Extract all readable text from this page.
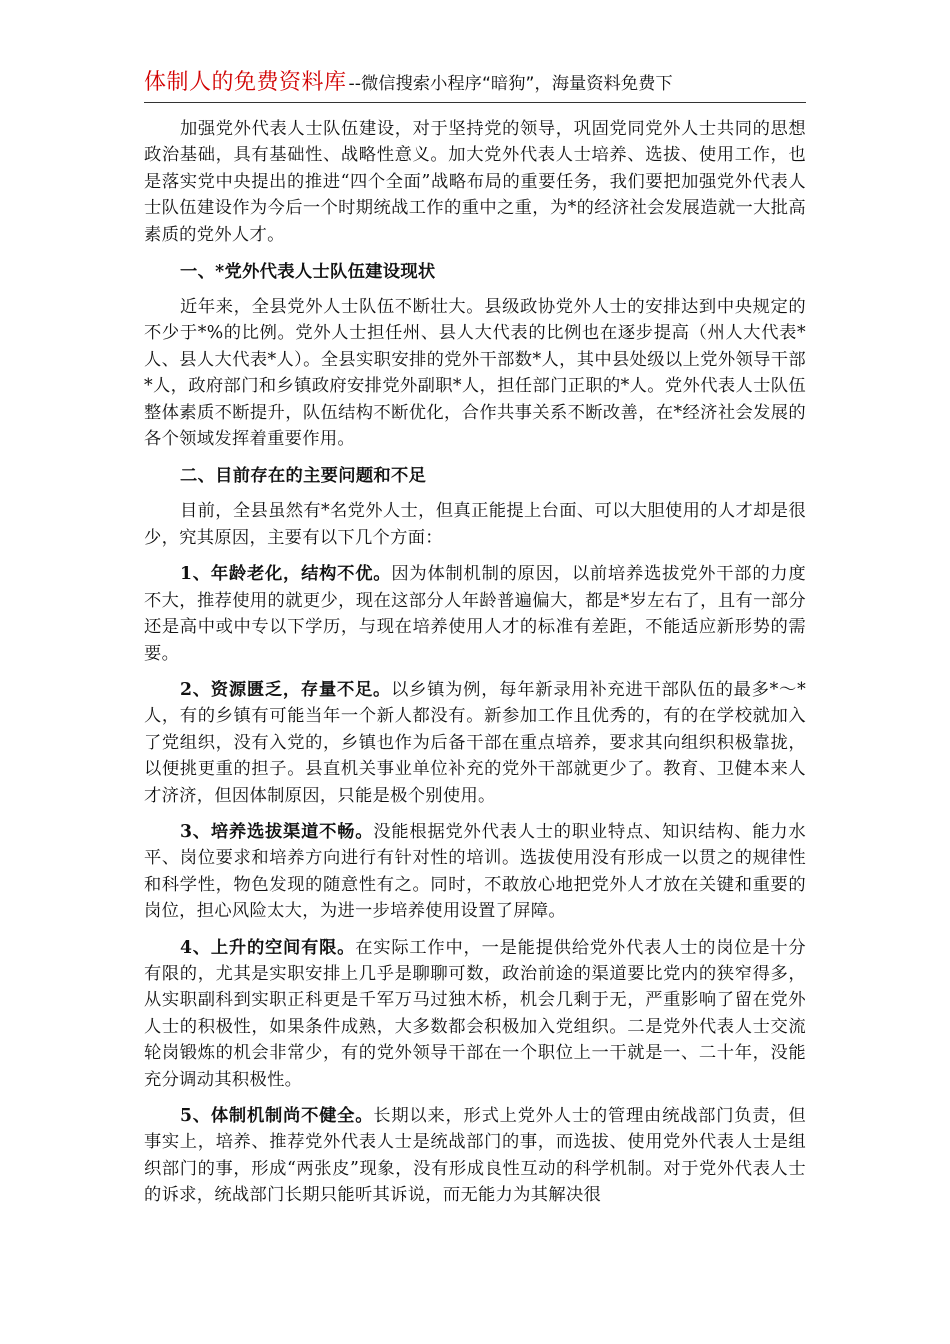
体制人的免费资料库 --微信搜索小程序“暗狗”，海量资料免费下

加强党外代表人士队伍建设，对于坚持党的领导，巩固党同党外人士共同的思想政治基础，具有基础性、战略性意义。加大党外代表人士培养、选拔、使用工作，也是落实党中央提出的推进“四个全面”战略布局的重要任务，我们要把加强党外代表人士队伍建设作为今后一个时期统战工作的重中之重，为*的经济社会发展造就一大批高素质的党外人才。

一、*党外代表人士队伍建设现状

近年来，全县党外人士队伍不断壮大。县级政协党外人士的安排达到中央规定的不少于*%的比例。党外人士担任州、县人大代表的比例也在逐步提高（州人大代表*人、县人大代表*人）。全县实职安排的党外干部数*人，其中县处级以上党外领导干部*人，政府部门和乡镇政府安排党外副职*人，担任部门正职的*人。党外代表人士队伍整体素质不断提升，队伍结构不断优化，合作共事关系不断改善，在*经济社会发展的各个领域发挥着重要作用。

二、目前存在的主要问题和不足

目前，全县虽然有*名党外人士，但真正能提上台面、可以大胆使用的人才却是很少，究其原因，主要有以下几个方面：

1、年龄老化，结构不优。因为体制机制的原因，以前培养选拔党外干部的力度不大，推荐使用的就更少，现在这部分人年龄普遍偏大，都是*岁左右了，且有一部分还是高中或中专以下学历，与现在培养使用人才的标准有差距，不能适应新形势的需要。

2、资源匮乏，存量不足。以乡镇为例，每年新录用补充进干部队伍的最多*～*人，有的乡镇有可能当年一个新人都没有。新参加工作且优秀的，有的在学校就加入了党组织，没有入党的，乡镇也作为后备干部在重点培养，要求其向组织积极靠拢，以便挑更重的担子。县直机关事业单位补充的党外干部就更少了。教育、卫健本来人才济济，但因体制原因，只能是极个别使用。

3、培养选拔渠道不畅。没能根据党外代表人士的职业特点、知识结构、能力水平、岗位要求和培养方向进行有针对性的培训。选拔使用没有形成一以贯之的规律性和科学性，物色发现的随意性有之。同时，不敢放心地把党外人才放在关键和重要的岗位，担心风险太大，为进一步培养使用设置了屏障。

4、上升的空间有限。在实际工作中，一是能提供给党外代表人士的岗位是十分有限的，尤其是实职安排上几乎是聊聊可数，政治前途的渠道要比党内的狭窄得多，从实职副科到实职正科更是千军万马过独木桥，机会几剩于无，严重影响了留在党外人士的积极性，如果条件成熟，大多数都会积极加入党组织。二是党外代表人士交流轮岗锻炼的机会非常少，有的党外领导干部在一个职位上一干就是一、二十年，没能充分调动其积极性。

5、体制机制尚不健全。长期以来，形式上党外人士的管理由统战部门负责，但事实上，培养、推荐党外代表人士是统战部门的事，而选拔、使用党外代表人士是组织部门的事，形成“两张皮”现象，没有形成良性互动的科学机制。对于党外代表人士的诉求，统战部门长期只能听其诉说，而无能力为其解决很
